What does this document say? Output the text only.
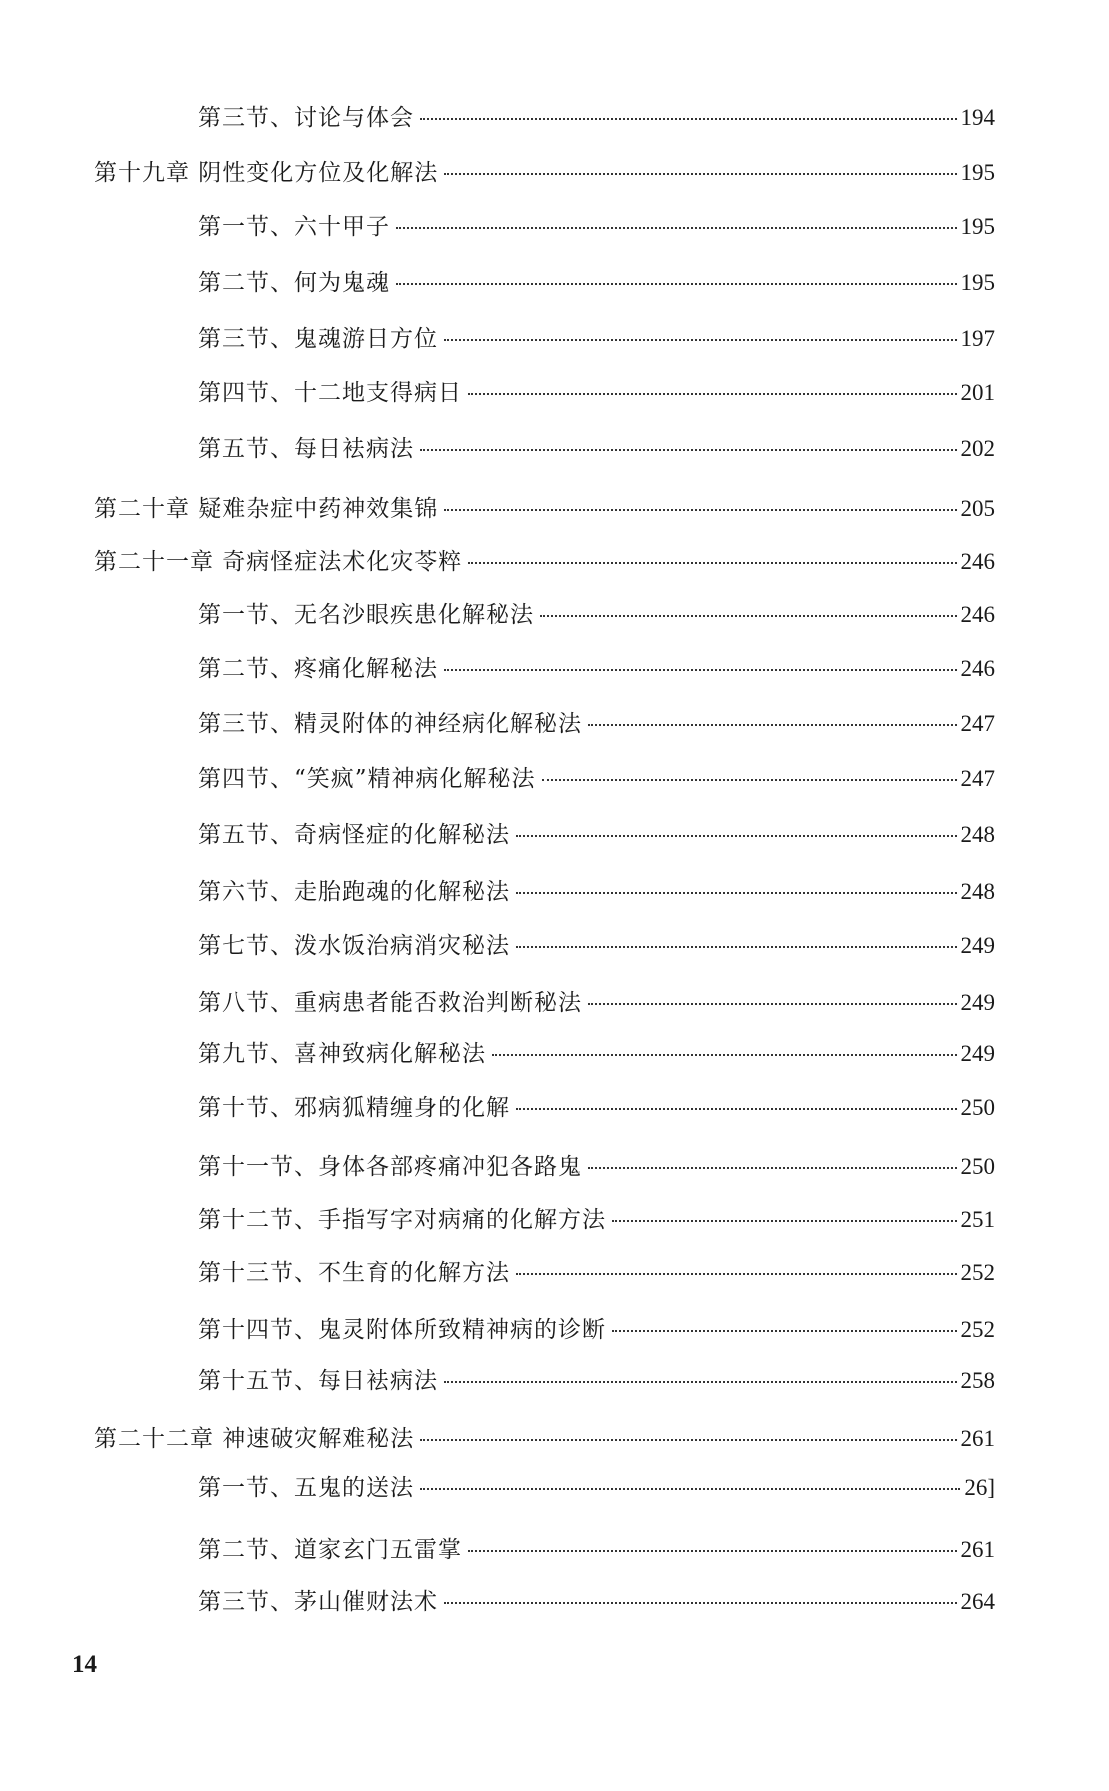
第三节、讨论与体会	194
第十九章 阴性变化方位及化解法	195
第一节、六十甲子	195
第二节、何为鬼魂	195
第三节、鬼魂游日方位	197
第四节、十二地支得病日	201
第五节、每日袪病法	202
第二十章 疑难杂症中药神效集锦	205
第二十一章 奇病怪症法术化灾苓粹	246
第一节、无名沙眼疾患化解秘法	246
第二节、疼痛化解秘法	246
第三节、精灵附体的神经病化解秘法	247
第四节、“笑疯”精神病化解秘法	247
第五节、奇病怪症的化解秘法	248
第六节、走胎跑魂的化解秘法	248
第七节、泼水饭治病消灾秘法	249
第八节、重病患者能否救治判断秘法	249
第九节、喜神致病化解秘法	249
第十节、邪病狐精缠身的化解	250
第十一节、身体各部疼痛冲犯各路鬼	250
第十二节、手指写字对病痛的化解方法	251
第十三节、不生育的化解方法	252
第十四节、鬼灵附体所致精神病的诊断	252
第十五节、每日袪病法	258
第二十二章 神速破灾解难秘法	261
第一节、五鬼的送法	26]
第二节、道家玄门五雷掌	261
第三节、茅山催财法术	264
14
